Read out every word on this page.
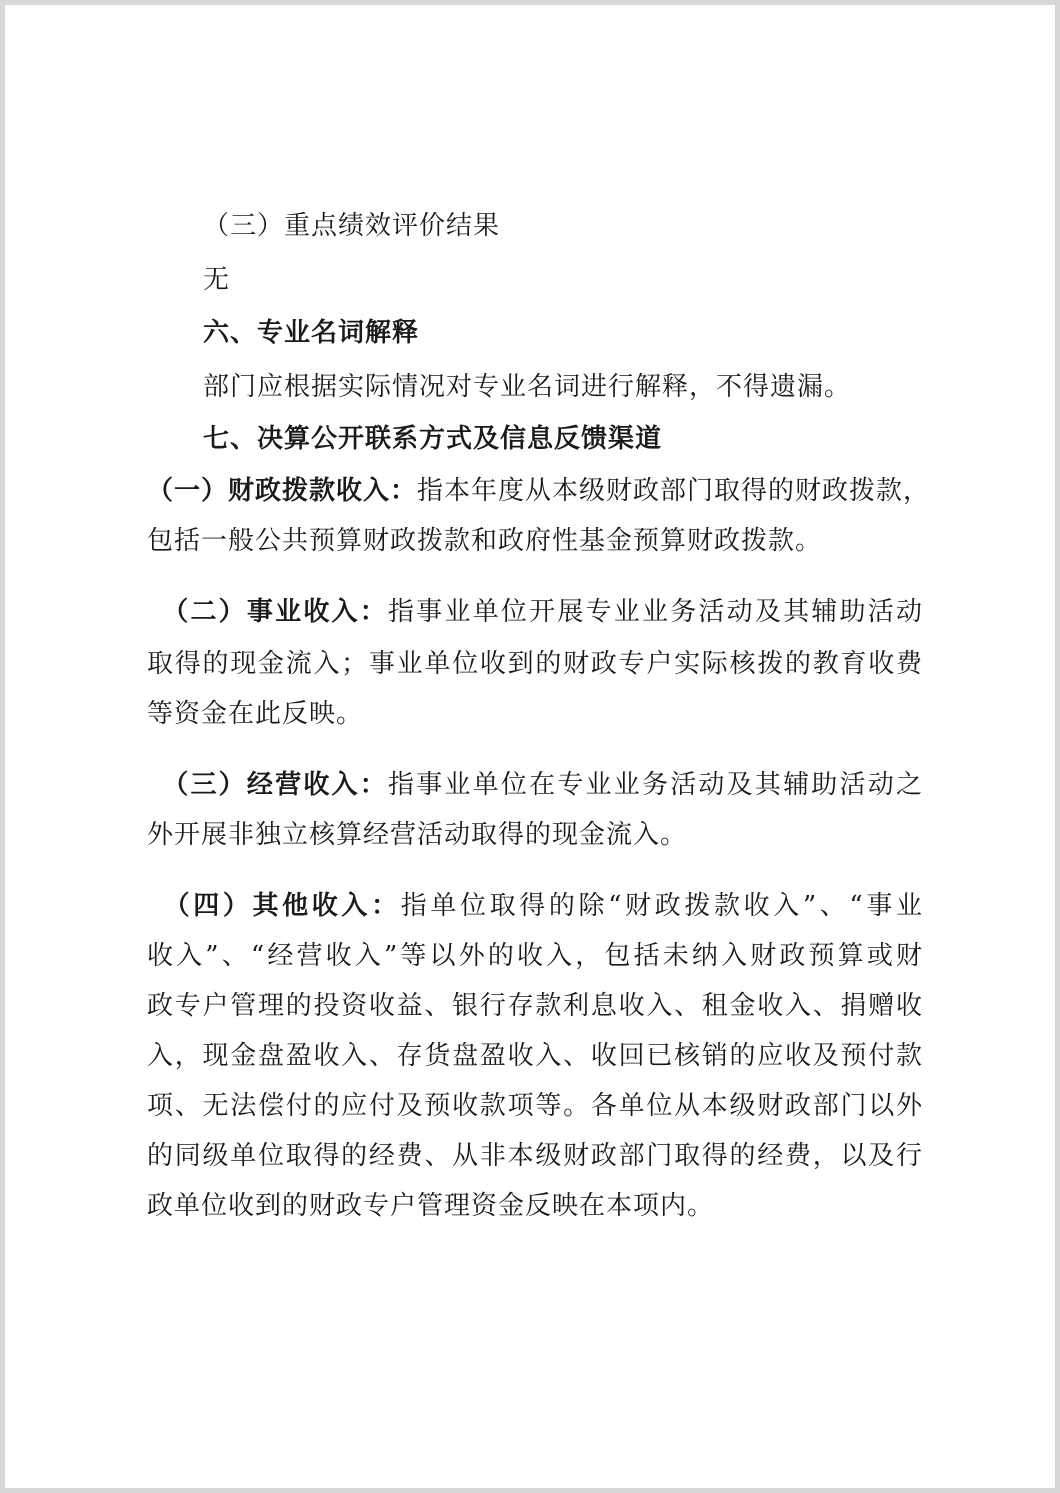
（三）重点绩效评价结果
无
六、专业名词解释
部门应根据实际情况对专业名词进行解释，不得遗漏。
七、决算公开联系方式及信息反馈渠道
（一）财政拨款收入：指本年度从本级财政部门取得的财政拨款，
包括一般公共预算财政拨款和政府性基金预算财政拨款。
　（二）事业收入：指事业单位开展专业业务活动及其辅助活动
取得的现金流入；事业单位收到的财政专户实际核拨的教育收费
等资金在此反映。
　（三）经营收入：指事业单位在专业业务活动及其辅助活动之
外开展非独立核算经营活动取得的现金流入。
　（四）其他收入：指单位取得的除“财政拨款收入”、“事业
收入”、“经营收入”等以外的收入，包括未纳入财政预算或财
政专户管理的投资收益、银行存款利息收入、租金收入、捐赠收
入，现金盘盈收入、存货盘盈收入、收回已核销的应收及预付款
项、无法偿付的应付及预收款项等。各单位从本级财政部门以外
的同级单位取得的经费、从非本级财政部门取得的经费，以及行
政单位收到的财政专户管理资金反映在本项内。
